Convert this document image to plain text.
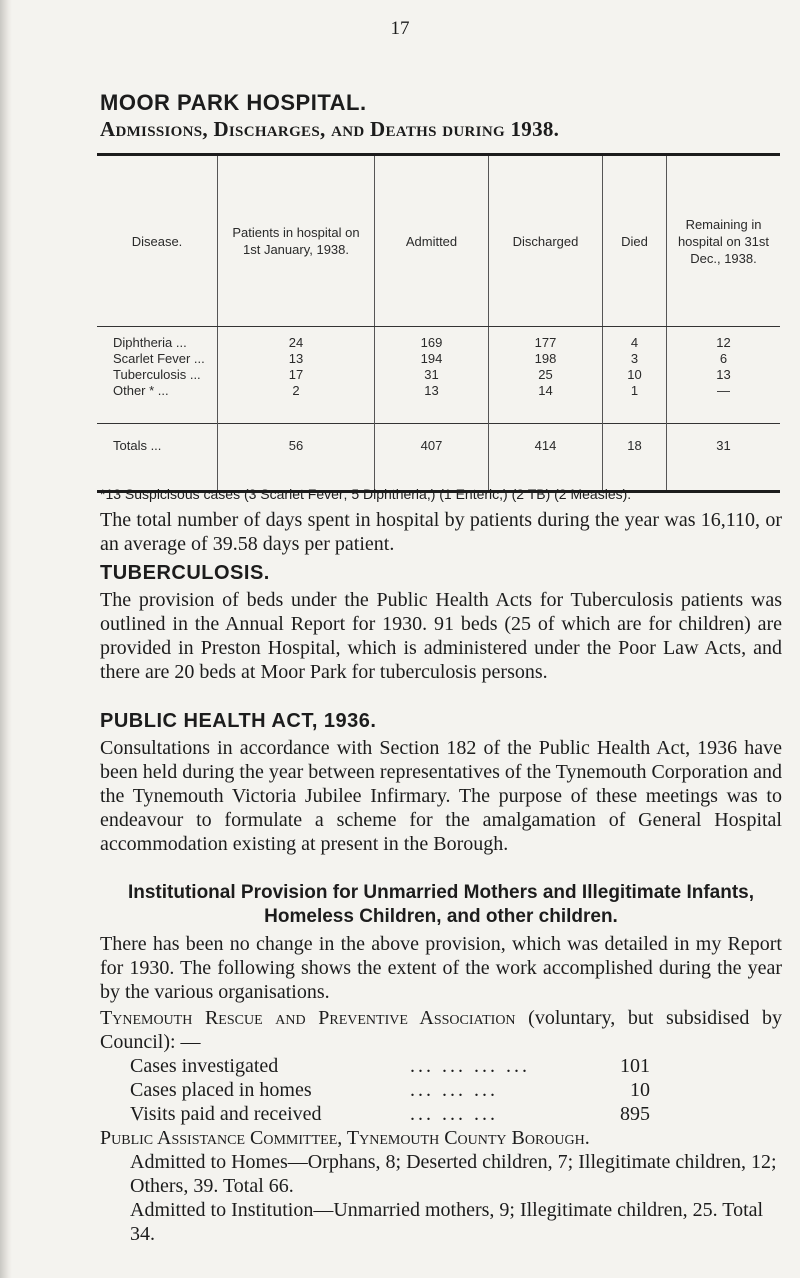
17
MOOR PARK HOSPITAL.
Admissions, Discharges, and Deaths during 1938.
Disease.	Patients in hospital on 1st January, 1938.	Admitted	Discharged	Died	Remaining in hospital on 31st Dec., 1938.
Diphtheria ...	24	169	177	4	12
Scarlet Fever ...	13	194	198	3	6
Tuberculosis ...	17	31	25	10	13
Other * ...	2	13	14	1	—
Totals ...	56	407	414	18	31
*13 Suspicisous cases (3 Scarlet Fever; 5 Diphtheria,) (1 Enteric,) (2 TB) (2 Measles).

The total number of days spent in hospital by patients during the year was 16,110, or an average of 39.58 days per patient.

TUBERCULOSIS.

The provision of beds under the Public Health Acts for Tuberculosis patients was outlined in the Annual Report for 1930. 91 beds (25 of which are for children) are provided in Preston Hospital, which is administered under the Poor Law Acts, and there are 20 beds at Moor Park for tuberculosis persons.

PUBLIC HEALTH ACT, 1936.

Consultations in accordance with Section 182 of the Public Health Act, 1936 have been held during the year between representatives of the Tynemouth Corporation and the Tynemouth Victoria Jubilee Infirmary. The purpose of these meetings was to endeavour to formulate a scheme for the amalgamation of General Hospital accommodation existing at present in the Borough.

Institutional Provision for Unmarried Mothers and Illegitimate Infants, Homeless Children, and other children.

There has been no change in the above provision, which was detailed in my Report for 1930. The following shows the extent of the work accomplished during the year by the various organisations.

Tynemouth Rescue and Preventive Association (voluntary, but subsidised by Council): —

Cases investigated	... ... ... ...	101
Cases placed in homes	... ... ...	10
Visits paid and received	... ... ...	895

Public Assistance Committee, Tynemouth County Borough.

Admitted to Homes—Orphans, 8; Deserted children, 7; Illegitimate children, 12; Others, 39. Total 66.

Admitted to Institution—Unmarried mothers, 9; Illegitimate children, 25. Total 34.
